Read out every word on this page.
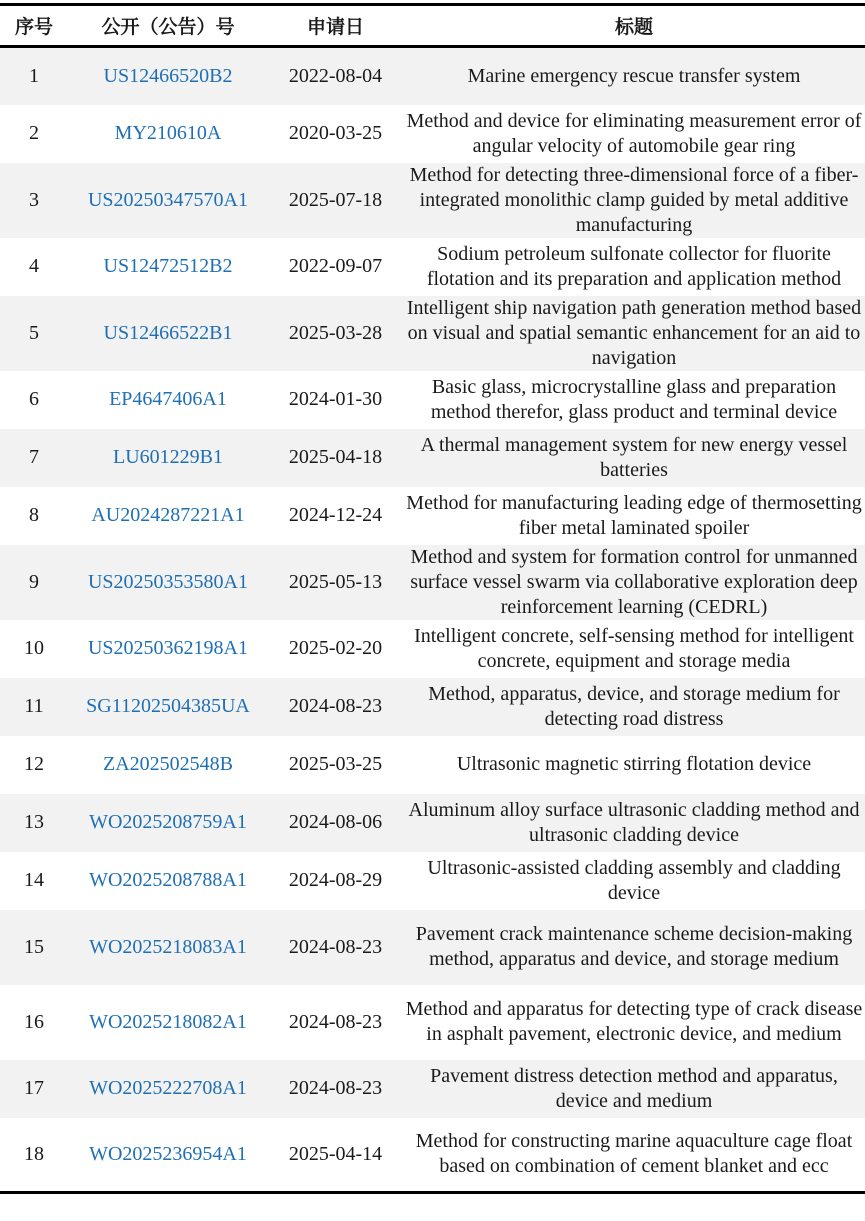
序号	公开（公告）号	申请日	标题
1	US12466520B2	2022-08-04	Marine emergency rescue transfer system
2	MY210610A	2020-03-25	Method and device for eliminating measurement error of angular velocity of automobile gear ring
3	US20250347570A1	2025-07-18	Method for detecting three-dimensional force of a fiber-integrated monolithic clamp guided by metal additive manufacturing
4	US12472512B2	2022-09-07	Sodium petroleum sulfonate collector for fluorite flotation and its preparation and application method
5	US12466522B1	2025-03-28	Intelligent ship navigation path generation method based on visual and spatial semantic enhancement for an aid to navigation
6	EP4647406A1	2024-01-30	Basic glass, microcrystalline glass and preparation method therefor, glass product and terminal device
7	LU601229B1	2025-04-18	A thermal management system for new energy vessel batteries
8	AU2024287221A1	2024-12-24	Method for manufacturing leading edge of thermosetting fiber metal laminated spoiler
9	US20250353580A1	2025-05-13	Method and system for formation control for unmanned surface vessel swarm via collaborative exploration deep reinforcement learning (CEDRL)
10	US20250362198A1	2025-02-20	Intelligent concrete, self-sensing method for intelligent concrete, equipment and storage media
11	SG11202504385UA	2024-08-23	Method, apparatus, device, and storage medium for detecting road distress
12	ZA202502548B	2025-03-25	Ultrasonic magnetic stirring flotation device
13	WO2025208759A1	2024-08-06	Aluminum alloy surface ultrasonic cladding method and ultrasonic cladding device
14	WO2025208788A1	2024-08-29	Ultrasonic-assisted cladding assembly and cladding device
15	WO2025218083A1	2024-08-23	Pavement crack maintenance scheme decision-making method, apparatus and device, and storage medium
16	WO2025218082A1	2024-08-23	Method and apparatus for detecting type of crack disease in asphalt pavement, electronic device, and medium
17	WO2025222708A1	2024-08-23	Pavement distress detection method and apparatus, device and medium
18	WO2025236954A1	2025-04-14	Method for constructing marine aquaculture cage float based on combination of cement blanket and ecc
